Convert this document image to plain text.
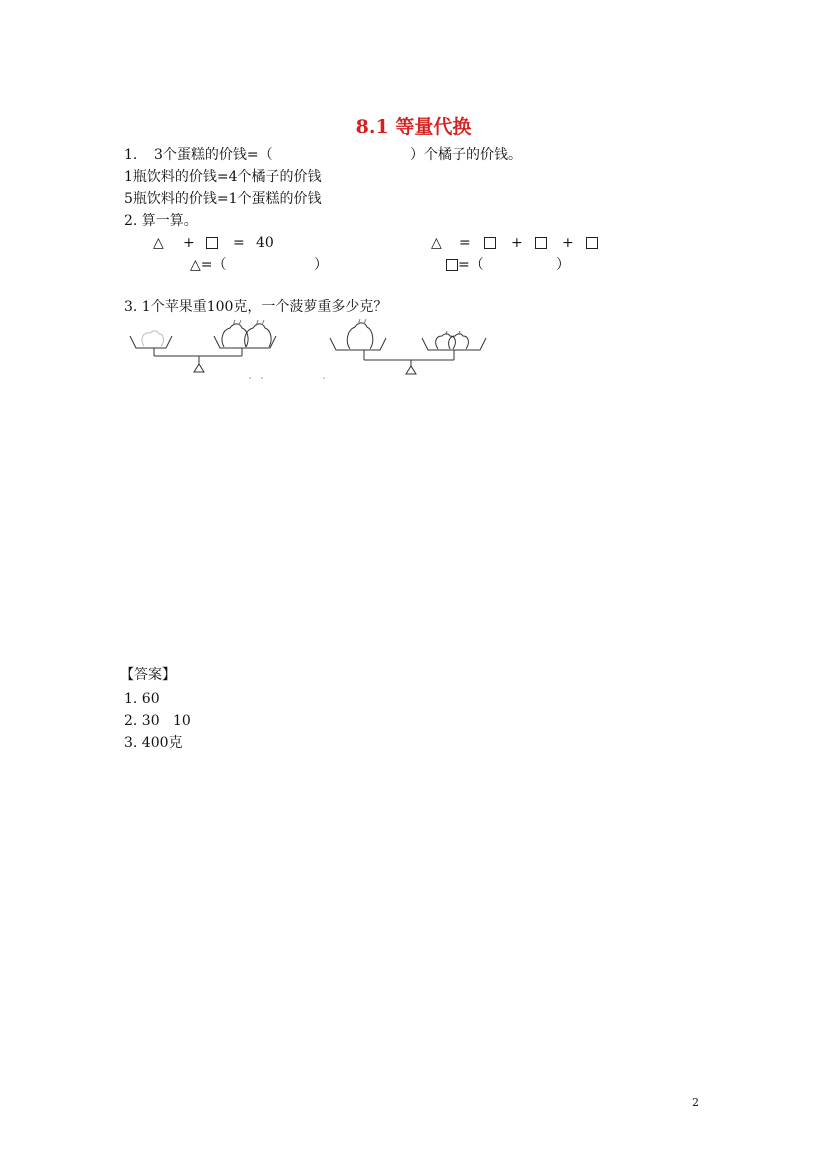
8.1 等量代换
1. 3个蛋糕的价钱=（	）个橘子的价钱。
1瓶饮料的价钱=4个橘子的价钱
5瓶饮料的价钱=1个蛋糕的价钱
2. 算一算。
△ +	= 40	△ =	+	+
△=（	）	=（	）
3. 1个苹果重100克，一个菠萝重多少克？
【答案】
1. 60
2. 30   10
3. 400克
2
